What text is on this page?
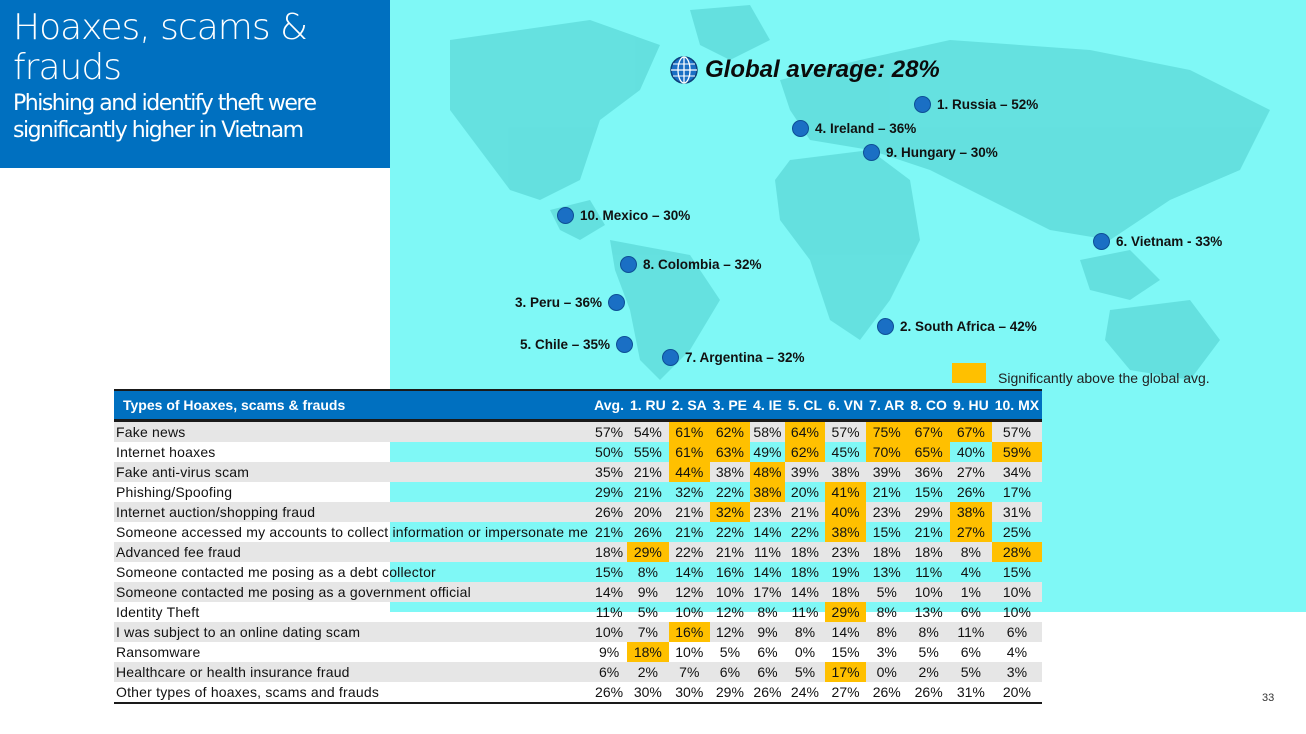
Hoaxes, scams & frauds
Phishing and identify theft were significantly higher in Vietnam
Global average: 28%
1. Russia – 52%
4. Ireland – 36%
9. Hungary – 30%
10. Mexico – 30%
6. Vietnam - 33%
8. Colombia – 32%
3. Peru – 36%
2. South Africa – 42%
5. Chile – 35%
7. Argentina – 32%
Significantly above the global avg.
Types of Hoaxes, scams & frauds	Avg.	1. RU	2. SA	3. PE	4. IE	5. CL	6. VN	7. AR	8. CO	9. HU	10. MX
Fake news	57%	54%	61%	62%	58%	64%	57%	75%	67%	67%	57%
Internet hoaxes	50%	55%	61%	63%	49%	62%	45%	70%	65%	40%	59%
Fake anti-virus scam	35%	21%	44%	38%	48%	39%	38%	39%	36%	27%	34%
Phishing/Spoofing	29%	21%	32%	22%	38%	20%	41%	21%	15%	26%	17%
Internet auction/shopping fraud	26%	20%	21%	32%	23%	21%	40%	23%	29%	38%	31%
Someone accessed my accounts to collect information or impersonate me	21%	26%	21%	22%	14%	22%	38%	15%	21%	27%	25%
Advanced fee fraud	18%	29%	22%	21%	11%	18%	23%	18%	18%	8%	28%
Someone contacted me posing as a debt collector	15%	8%	14%	16%	14%	18%	19%	13%	11%	4%	15%
Someone contacted me posing as a government official	14%	9%	12%	10%	17%	14%	18%	5%	10%	1%	10%
Identity Theft	11%	5%	10%	12%	8%	11%	29%	8%	13%	6%	10%
I was subject to an online dating scam	10%	7%	16%	12%	9%	8%	14%	8%	8%	11%	6%
Ransomware	9%	18%	10%	5%	6%	0%	15%	3%	5%	6%	4%
Healthcare or health insurance fraud	6%	2%	7%	6%	6%	5%	17%	0%	2%	5%	3%
Other types of hoaxes, scams and frauds	26%	30%	30%	29%	26%	24%	27%	26%	26%	31%	20%	33
